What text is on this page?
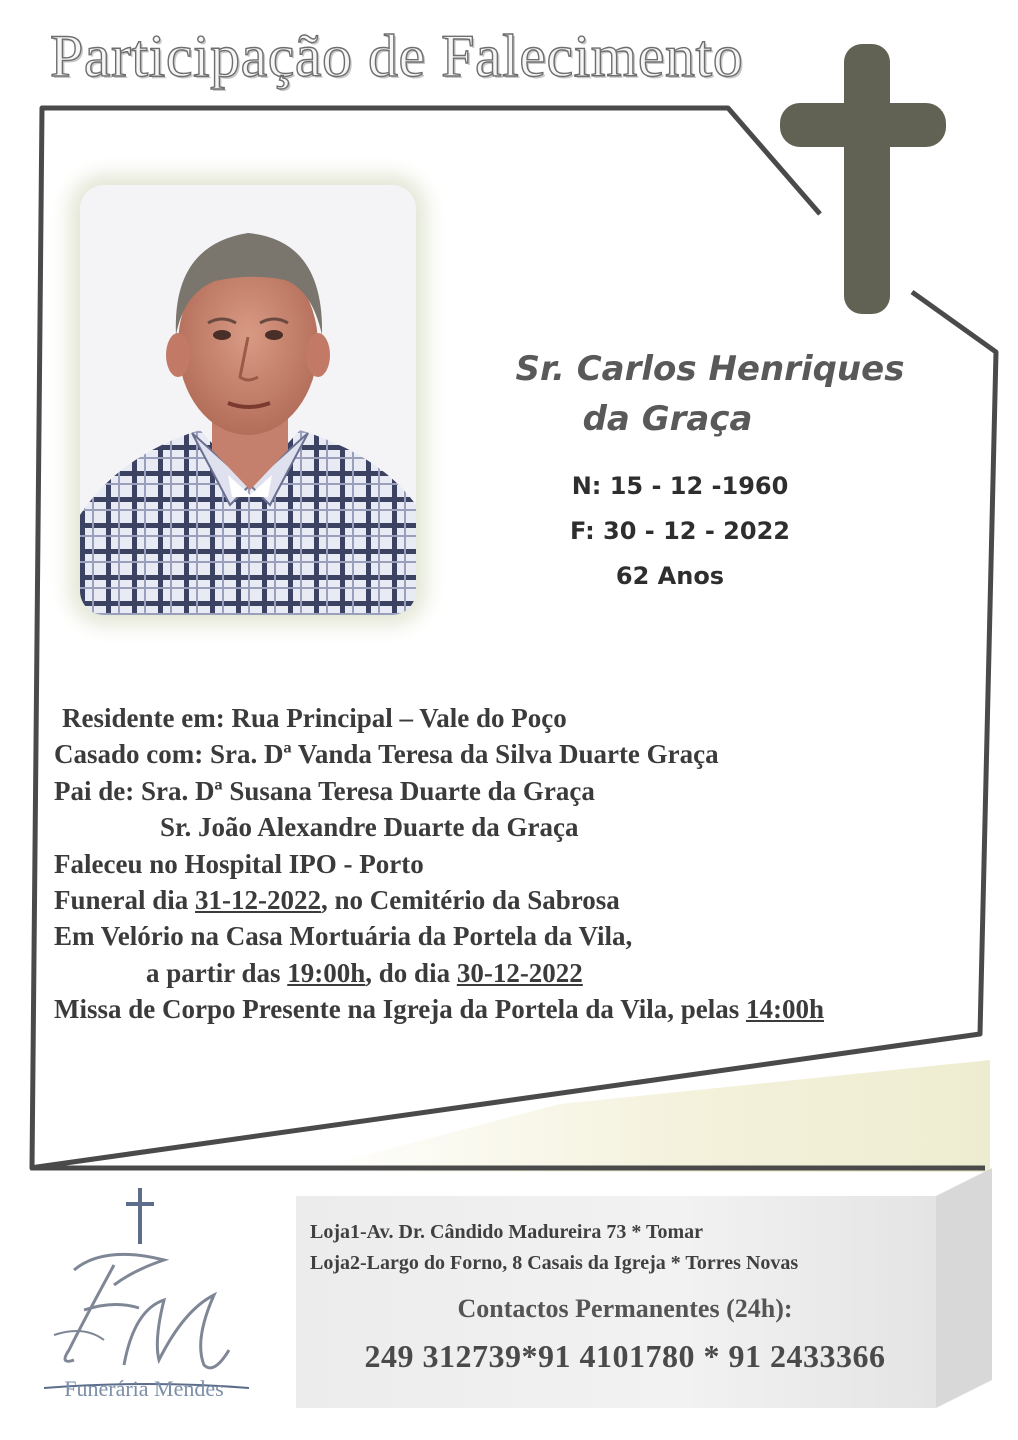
Participação de Falecimento
Sr. Carlos Henriques
da Graça
N: 15 - 12 -1960
F: 30 - 12 - 2022
62 Anos
Residente em: Rua Principal – Vale do Poço
Casado com: Sra. Dª Vanda Teresa da Silva Duarte Graça
Pai de: Sra. Dª Susana Teresa Duarte da Graça
Sr. João Alexandre Duarte da Graça
Faleceu no Hospital IPO - Porto
Funeral dia 31-12-2022, no Cemitério da Sabrosa
Em Velório na Casa Mortuária da Portela da Vila,
a partir das 19:00h, do dia 30-12-2022
Missa de Corpo Presente na Igreja da Portela da Vila, pelas 14:00h
Funerária Mendes
Loja1-Av. Dr. Cândido Madureira 73 * Tomar
Loja2-Largo do Forno, 8 Casais da Igreja * Torres Novas
Contactos Permanentes (24h):
249 312739*91 4101780 * 91 2433366
